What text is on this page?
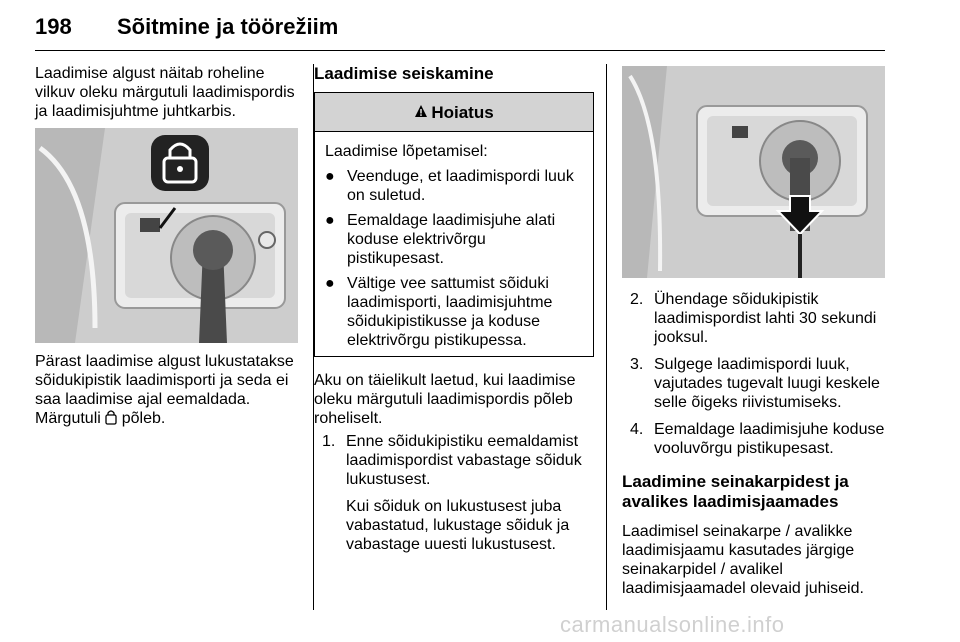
198 Sõitmine ja töörežiim

Laadimise algust näitab roheline vilkuv oleku märgutuli laadimispordis ja laadimisjuhtme juhtkarbis.

Pärast laadimise algust lukustatakse sõidukipistik laadimisporti ja seda ei saa laadimise ajal eemaldada.

Märgutuli põleb.

Laadimise seiskamine
Hoiatus

Laadimise lõpetamisel:

● Veenduge, et laadimispordi luuk on suletud.
● Eemaldage laadimisjuhe alati koduse elektrivõrgu pistikupesast.
● Vältige vee sattumist sõiduki laadimisporti, laadimisjuhtme sõidukipistikusse ja koduse elektrivõrgu pistikupessa.

Aku on täielikult laetud, kui laadimise oleku märgutuli laadimispordis põleb roheliselt.

1. Enne sõidukipistiku eemaldamist laadimispordist vabastage sõiduk lukustusest.

Kui sõiduk on lukustusest juba vabastatud, lukustage sõiduk ja vabastage uuesti lukustusest.

2. Ühendage sõidukipistik laadimispordist lahti 30 sekundi jooksul.

3. Sulgege laadimispordi luuk, vajutades tugevalt luugi keskele selle õigeks riivistumiseks.

4. Eemaldage laadimisjuhe koduse vooluvõrgu pistikupesast.

Laadimine seinakarpidest ja avalikes laadimisjaamades

Laadimisel seinakarpe / avalikke laadimisjaamu kasutades järgige seinakarpidel / avalikel laadimisjaamadel olevaid juhiseid.

carmanualsonline.info
